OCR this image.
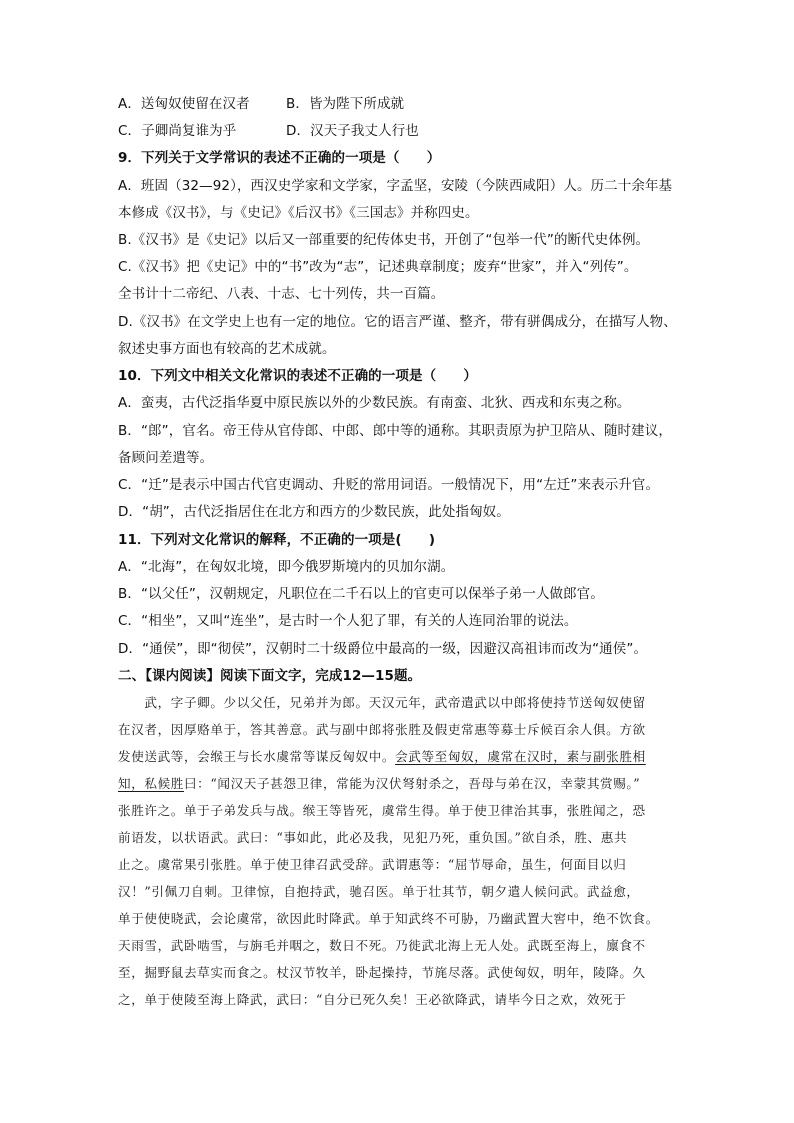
A．送匈奴使留在汉者	B．皆为陛下所成就
C．子卿尚复谁为乎	D．汉天子我丈人行也
9．下列关于文学常识的表述不正确的一项是（　　）
A．班固（32—92），西汉史学家和文学家，字孟坚，安陵（今陕西咸阳）人。历二十余年基
本修成《汉书》，与《史记》《后汉书》《三国志》并称四史。
B.《汉书》是《史记》以后又一部重要的纪传体史书，开创了“包举一代”的断代史体例。
C.《汉书》把《史记》中的“书”改为“志”，记述典章制度；废弃“世家”，并入“列传”。
全书计十二帝纪、八表、十志、七十列传，共一百篇。
D.《汉书》在文学史上也有一定的地位。它的语言严谨、整齐，带有骈偶成分，在描写人物、
叙述史事方面也有较高的艺术成就。
10．下列文中相关文化常识的表述不正确的一项是（　　）
A．蛮夷，古代泛指华夏中原民族以外的少数民族。有南蛮、北狄、西戎和东夷之称。
B．“郎”，官名。帝王侍从官侍郎、中郎、郎中等的通称。其职责原为护卫陪从、随时建议，
备顾问差遣等。
C．“迁”是表示中国古代官吏调动、升贬的常用词语。一般情况下，用“左迁”来表示升官。
D．“胡”，古代泛指居住在北方和西方的少数民族，此处指匈奴。
11．下列对文化常识的解释，不正确的一项是(　　)
A．“北海”，在匈奴北境，即今俄罗斯境内的贝加尔湖。
B．“以父任”，汉朝规定，凡职位在二千石以上的官吏可以保举子弟一人做郎官。
C．“相坐”，又叫“连坐”，是古时一个人犯了罪，有关的人连同治罪的说法。
D．“通侯”，即“彻侯”，汉朝时二十级爵位中最高的一级，因避汉高祖讳而改为“通侯”。
二、【课内阅读】阅读下面文字，完成12—15题。
　　武，字子卿。少以父任，兄弟并为郎。天汉元年，武帝遣武以中郎将使持节送匈奴使留
在汉者，因厚赂单于，答其善意。武与副中郎将张胜及假吏常惠等募士斥候百余人俱。方欲
发使送武等，会缑王与长水虞常等谋反匈奴中。会武等至匈奴，虞常在汉时，素与副张胜相
知，私候胜曰：“闻汉天子甚怨卫律，常能为汉伏弩射杀之，吾母与弟在汉，幸蒙其赏赐。”
张胜许之。单于子弟发兵与战。缑王等皆死，虞常生得。单于使卫律治其事，张胜闻之，恐
前语发，以状语武。武曰：“事如此，此必及我，见犯乃死，重负国。”欲自杀，胜、惠共
止之。虞常果引张胜。单于使卫律召武受辞。武谓惠等：“屈节辱命，虽生，何面目以归
汉！”引佩刀自刺。卫律惊，自抱持武，驰召医。单于壮其节，朝夕遣人候问武。武益愈，
单于使使晓武，会论虞常，欲因此时降武。单于知武终不可胁，乃幽武置大窖中，绝不饮食。
天雨雪，武卧啮雪，与旃毛并咽之，数日不死。乃徙武北海上无人处。武既至海上，廪食不
至，掘野鼠去草实而食之。杖汉节牧羊，卧起操持，节旄尽落。武使匈奴，明年，陵降。久
之，单于使陵至海上降武，武曰：“自分已死久矣！王必欲降武，请毕今日之欢，效死于
